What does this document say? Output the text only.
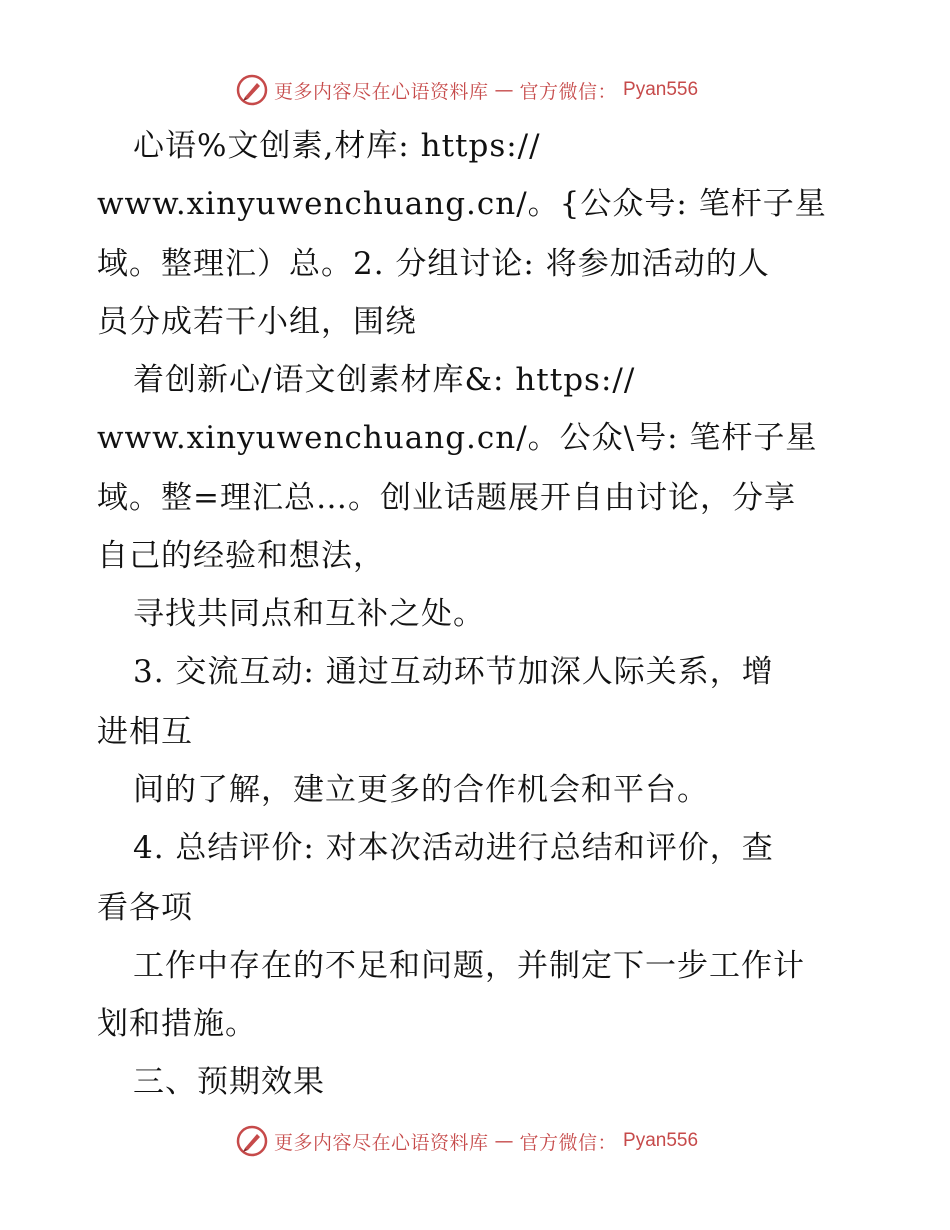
更多内容尽在心语资料库 — 官方微信： Pyan556
心语%文创素,材库: https://
www.xinyuwenchuang.cn/。{公众号: 笔杆子星
域。整理汇）总。2. 分组讨论: 将参加活动的人
员分成若干小组，围绕
着创新心/语文创素材库&: https://
www.xinyuwenchuang.cn/。公众\号: 笔杆子星
域。整=理汇总…。创业话题展开自由讨论，分享
自己的经验和想法，
寻找共同点和互补之处。
3. 交流互动: 通过互动环节加深人际关系，增
进相互
间的了解，建立更多的合作机会和平台。
4. 总结评价: 对本次活动进行总结和评价，查
看各项
工作中存在的不足和问题，并制定下一步工作计
划和措施。
三、预期效果
更多内容尽在心语资料库 — 官方微信： Pyan556
